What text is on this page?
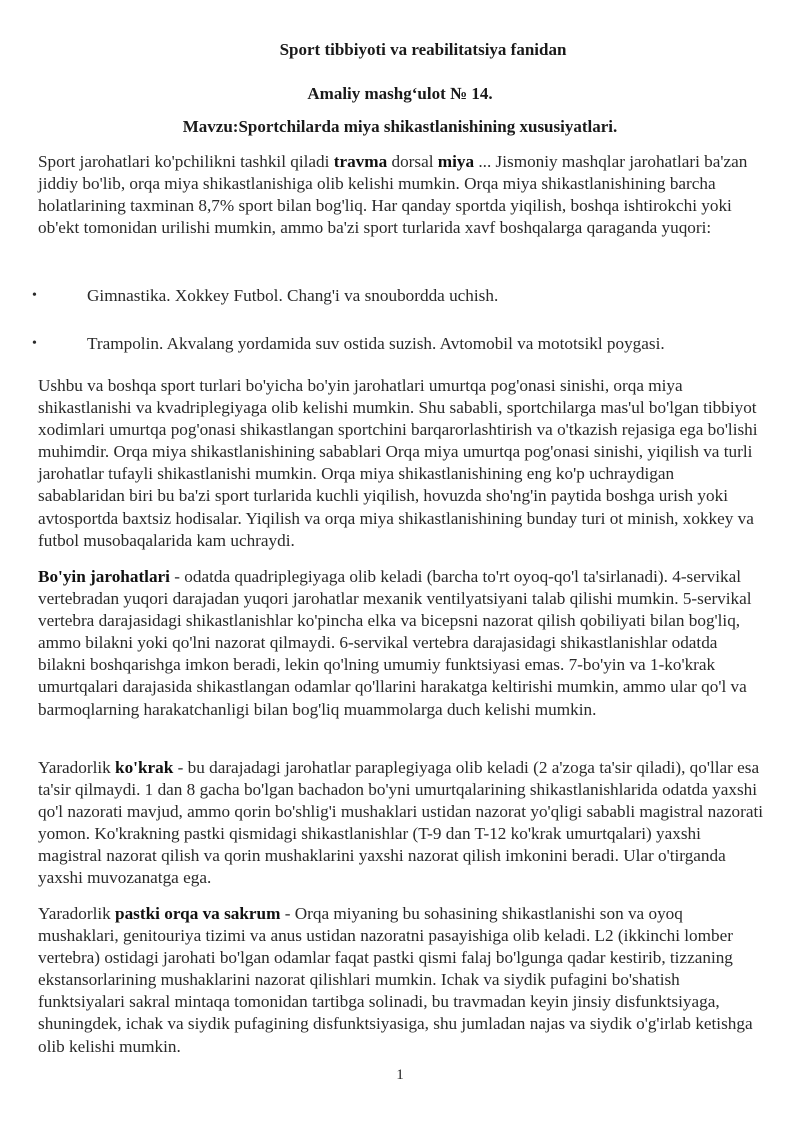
Sport tibbiyoti va reabilitatsiya fanidan
Amaliy mashg‘ulot № 14.
Mavzu:Sportchilarda miya shikastlanishining xususiyatlari.
Sport jarohatlari ko'pchilikni tashkil qiladi travma dorsal miya ... Jismoniy mashqlar jarohatlari ba'zan jiddiy bo'lib, orqa miya shikastlanishiga olib kelishi mumkin. Orqa miya shikastlanishining barcha holatlarining taxminan 8,7% sport bilan bog'liq. Har qanday sportda yiqilish, boshqa ishtirokchi yoki ob'ekt tomonidan urilishi mumkin, ammo ba'zi sport turlarida xavf boshqalarga qaraganda yuqori:
•	Gimnastika. Xokkey Futbol. Chang'i va snoubordda uchish.
•	Trampolin. Akvalang yordamida suv ostida suzish. Avtomobil va mototsikl poygasi.
Ushbu va boshqa sport turlari bo'yicha bo'yin jarohatlari umurtqa pog'onasi sinishi, orqa miya shikastlanishi va kvadriplegiyaga olib kelishi mumkin. Shu sababli, sportchilarga mas'ul bo'lgan tibbiyot xodimlari umurtqa pog'onasi shikastlangan sportchini barqarorlashtirish va o'tkazish rejasiga ega bo'lishi muhimdir. Orqa miya shikastlanishining sabablari Orqa miya umurtqa pog'onasi sinishi, yiqilish va turli jarohatlar tufayli shikastlanishi mumkin. Orqa miya shikastlanishining eng ko'p uchraydigan sabablaridan biri bu ba'zi sport turlarida kuchli yiqilish, hovuzda sho'ng'in paytida boshga urish yoki avtosportda baxtsiz hodisalar. Yiqilish va orqa miya shikastlanishining bunday turi ot minish, xokkey va futbol musobaqalarida kam uchraydi.
Bo'yin jarohatlari - odatda quadriplegiyaga olib keladi (barcha to'rt oyoq-qo'l ta'sirlanadi). 4-servikal vertebradan yuqori darajadan yuqori jarohatlar mexanik ventilyatsiyani talab qilishi mumkin. 5-servikal vertebra darajasidagi shikastlanishlar ko'pincha elka va bicepsni nazorat qilish qobiliyati bilan bog'liq, ammo bilakni yoki qo'lni nazorat qilmaydi. 6-servikal vertebra darajasidagi shikastlanishlar odatda bilakni boshqarishga imkon beradi, lekin qo'lning umumiy funktsiyasi emas. 7-bo'yin va 1-ko'krak umurtqalari darajasida shikastlangan odamlar qo'llarini harakatga keltirishi mumkin, ammo ular qo'l va barmoqlarning harakatchanligi bilan bog'liq muammolarga duch kelishi mumkin.
Yaradorlik ko'krak - bu darajadagi jarohatlar paraplegiyaga olib keladi (2 a'zoga ta'sir qiladi), qo'llar esa ta'sir qilmaydi. 1 dan 8 gacha bo'lgan bachadon bo'yni umurtqalarining shikastlanishlarida odatda yaxshi qo'l nazorati mavjud, ammo qorin bo'shlig'i mushaklari ustidan nazorat yo'qligi sababli magistral nazorati yomon. Ko'krakning pastki qismidagi shikastlanishlar (T-9 dan T-12 ko'krak umurtqalari) yaxshi magistral nazorat qilish va qorin mushaklarini yaxshi nazorat qilish imkonini beradi. Ular o'tirganda yaxshi muvozanatga ega.
Yaradorlik pastki orqa va sakrum - Orqa miyaning bu sohasining shikastlanishi son va oyoq mushaklari, genitouriya tizimi va anus ustidan nazoratni pasayishiga olib keladi. L2 (ikkinchi lomber vertebra) ostidagi jarohati bo'lgan odamlar faqat pastki qismi falaj bo'lgunga qadar kestirib, tizzaning ekstansorlarining mushaklarini nazorat qilishlari mumkin. Ichak va siydik pufagini bo'shatish funktsiyalari sakral mintaqa tomonidan tartibga solinadi, bu travmadan keyin jinsiy disfunktsiyaga, shuningdek, ichak va siydik pufagining disfunktsiyasiga, shu jumladan najas va siydik o'g'irlab ketishga olib kelishi mumkin.
1
